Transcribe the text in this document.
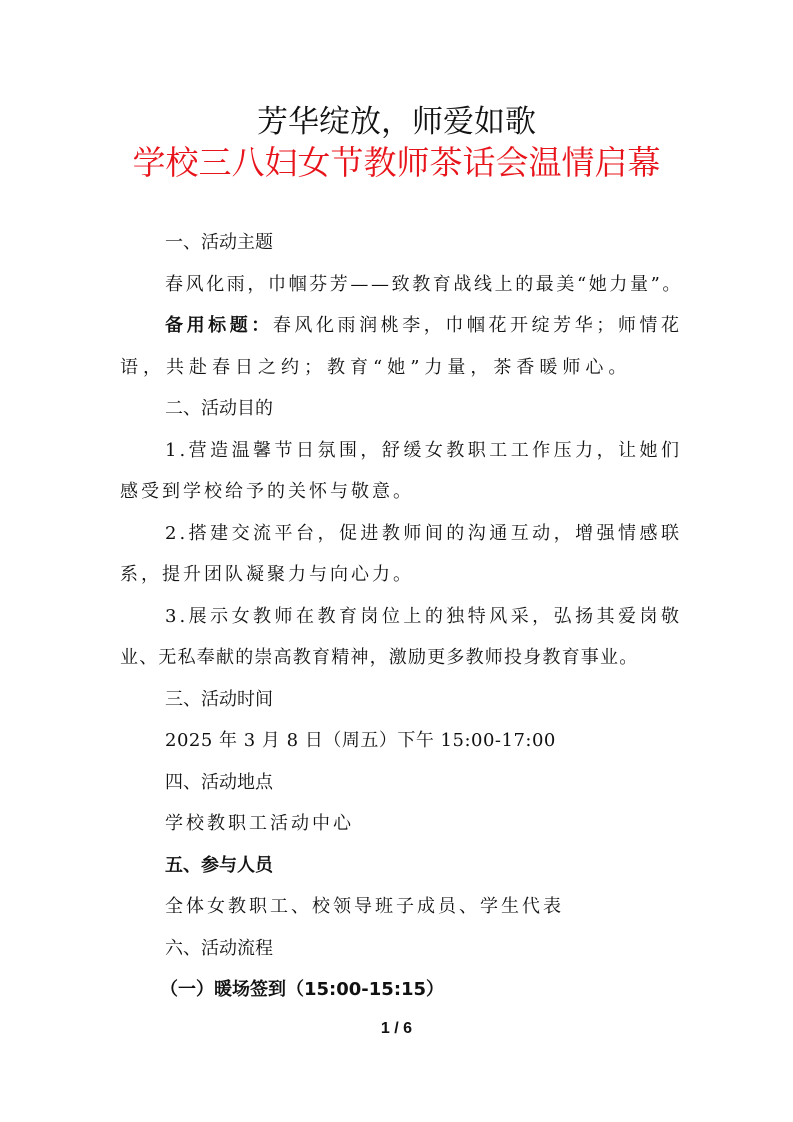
芳华绽放，师爱如歌
学校三八妇女节教师茶话会温情启幕
一、活动主题
春风化雨，巾帼芬芳——致教育战线上的最美“她力量”。
备用标题：春风化雨润桃李，巾帼花开绽芳华；师情花
语，共赴春日之约；教育“她”力量，茶香暖师心。
二、活动目的
1.营造温馨节日氛围，舒缓女教职工工作压力，让她们
感受到学校给予的关怀与敬意。
2.搭建交流平台，促进教师间的沟通互动，增强情感联
系，提升团队凝聚力与向心力。
3.展示女教师在教育岗位上的独特风采，弘扬其爱岗敬
业、无私奉献的崇高教育精神，激励更多教师投身教育事业。
三、活动时间
2025 年 3 月 8 日（周五）下午 15:00-17:00
四、活动地点
学校教职工活动中心
五、参与人员
全体女教职工、校领导班子成员、学生代表
六、活动流程
（一）暖场签到（15:00-15:15）
1 / 6
